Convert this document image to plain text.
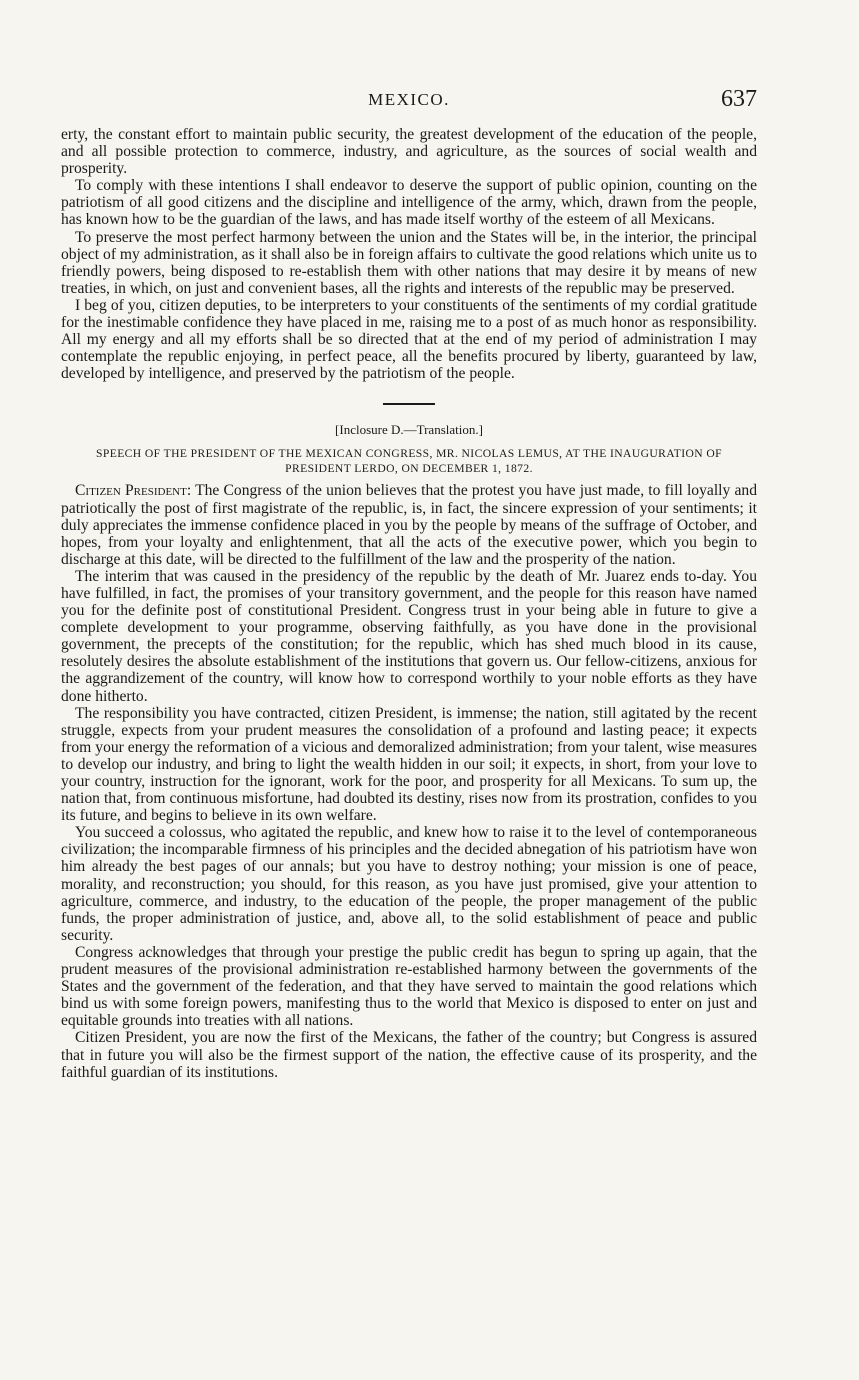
MEXICO.	637

erty, the constant effort to maintain public security, the greatest development of the education of the people, and all possible protection to commerce, industry, and agriculture, as the sources of social wealth and prosperity.

To comply with these intentions I shall endeavor to deserve the support of public opinion, counting on the patriotism of all good citizens and the discipline and intelligence of the army, which, drawn from the people, has known how to be the guardian of the laws, and has made itself worthy of the esteem of all Mexicans.

To preserve the most perfect harmony between the union and the States will be, in the interior, the principal object of my administration, as it shall also be in foreign affairs to cultivate the good relations which unite us to friendly powers, being disposed to re-establish them with other nations that may desire it by means of new treaties, in which, on just and convenient bases, all the rights and interests of the republic may be preserved.

I beg of you, citizen deputies, to be interpreters to your constituents of the sentiments of my cordial gratitude for the inestimable confidence they have placed in me, raising me to a post of as much honor as responsibility. All my energy and all my efforts shall be so directed that at the end of my period of administration I may contemplate the republic enjoying, in perfect peace, all the benefits procured by liberty, guaranteed by law, developed by intelligence, and preserved by the patriotism of the people.

[Inclosure D.—Translation.]
SPEECH OF THE PRESIDENT OF THE MEXICAN CONGRESS, MR. NICOLAS LEMUS, AT THE INAUGURATION OF PRESIDENT LERDO, ON DECEMBER 1, 1872.

Citizen President: The Congress of the union believes that the protest you have just made, to fill loyally and patriotically the post of first magistrate of the republic, is, in fact, the sincere expression of your sentiments; it duly appreciates the immense confidence placed in you by the people by means of the suffrage of October, and hopes, from your loyalty and enlightenment, that all the acts of the executive power, which you begin to discharge at this date, will be directed to the fulfillment of the law and the prosperity of the nation.

The interim that was caused in the presidency of the republic by the death of Mr. Juarez ends to-day. You have fulfilled, in fact, the promises of your transitory government, and the people for this reason have named you for the definite post of constitutional President. Congress trust in your being able in future to give a complete development to your programme, observing faithfully, as you have done in the provisional government, the precepts of the constitution; for the republic, which has shed much blood in its cause, resolutely desires the absolute establishment of the institutions that govern us. Our fellow-citizens, anxious for the aggrandizement of the country, will know how to correspond worthily to your noble efforts as they have done hitherto.

The responsibility you have contracted, citizen President, is immense; the nation, still agitated by the recent struggle, expects from your prudent measures the consolidation of a profound and lasting peace; it expects from your energy the reformation of a vicious and demoralized administration; from your talent, wise measures to develop our industry, and bring to light the wealth hidden in our soil; it expects, in short, from your love to your country, instruction for the ignorant, work for the poor, and prosperity for all Mexicans. To sum up, the nation that, from continuous misfortune, had doubted its destiny, rises now from its prostration, confides to you its future, and begins to believe in its own welfare.

You succeed a colossus, who agitated the republic, and knew how to raise it to the level of contemporaneous civilization; the incomparable firmness of his principles and the decided abnegation of his patriotism have won him already the best pages of our annals; but you have to destroy nothing; your mission is one of peace, morality, and reconstruction; you should, for this reason, as you have just promised, give your attention to agriculture, commerce, and industry, to the education of the people, the proper management of the public funds, the proper administration of justice, and, above all, to the solid establishment of peace and public security.

Congress acknowledges that through your prestige the public credit has begun to spring up again, that the prudent measures of the provisional administration re-established harmony between the governments of the States and the government of the federation, and that they have served to maintain the good relations which bind us with some foreign powers, manifesting thus to the world that Mexico is disposed to enter on just and equitable grounds into treaties with all nations.

Citizen President, you are now the first of the Mexicans, the father of the country; but Congress is assured that in future you will also be the firmest support of the nation, the effective cause of its prosperity, and the faithful guardian of its institutions.
